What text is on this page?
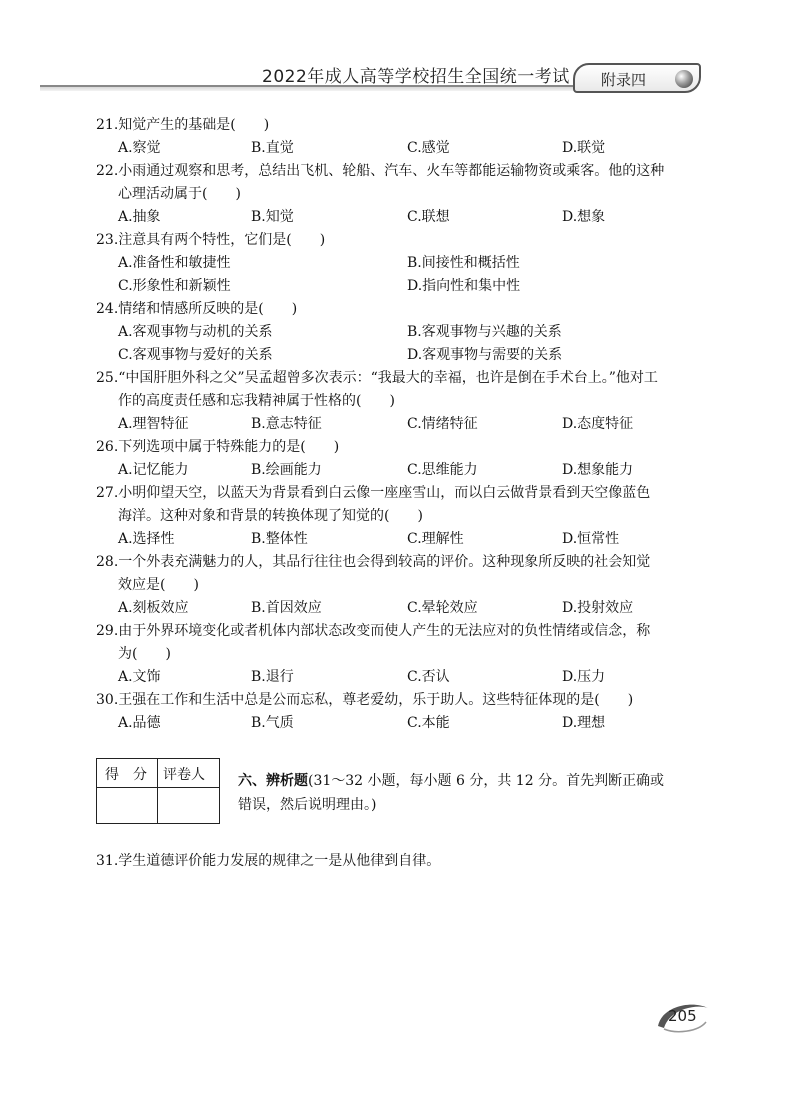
2022年成人高等学校招生全国统一考试 附录四
21.知觉产生的基础是(　　)
A.察觉	B.直觉	C.感觉	D.联觉
22.小雨通过观察和思考，总结出飞机、轮船、汽车、火车等都能运输物资或乘客。他的这种
心理活动属于(　　)
A.抽象	B.知觉	C.联想	D.想象
23.注意具有两个特性，它们是(　　)
A.准备性和敏捷性	B.间接性和概括性
C.形象性和新颖性	D.指向性和集中性
24.情绪和情感所反映的是(　　)
A.客观事物与动机的关系	B.客观事物与兴趣的关系
C.客观事物与爱好的关系	D.客观事物与需要的关系
25.“中国肝胆外科之父”吴孟超曾多次表示：“我最大的幸福，也许是倒在手术台上。”他对工
作的高度责任感和忘我精神属于性格的(　　)
A.理智特征	B.意志特征	C.情绪特征	D.态度特征
26.下列选项中属于特殊能力的是(　　)
A.记忆能力	B.绘画能力	C.思维能力	D.想象能力
27.小明仰望天空，以蓝天为背景看到白云像一座座雪山，而以白云做背景看到天空像蓝色
海洋。这种对象和背景的转换体现了知觉的(　　)
A.选择性	B.整体性	C.理解性	D.恒常性
28.一个外表充满魅力的人，其品行往往也会得到较高的评价。这种现象所反映的社会知觉
效应是(　　)
A.刻板效应	B.首因效应	C.晕轮效应	D.投射效应
29.由于外界环境变化或者机体内部状态改变而使人产生的无法应对的负性情绪或信念，称
为(　　)
A.文饰	B.退行	C.否认	D.压力
30.王强在工作和生活中总是公而忘私，尊老爱幼，乐于助人。这些特征体现的是(　　)
A.品德	B.气质	C.本能	D.理想
得　分 评卷人 六、辨析题(31～32 小题，每小题 6 分，共 12 分。首先判断正确或
错误，然后说明理由。)
31.学生道德评价能力发展的规律之一是从他律到自律。
205
